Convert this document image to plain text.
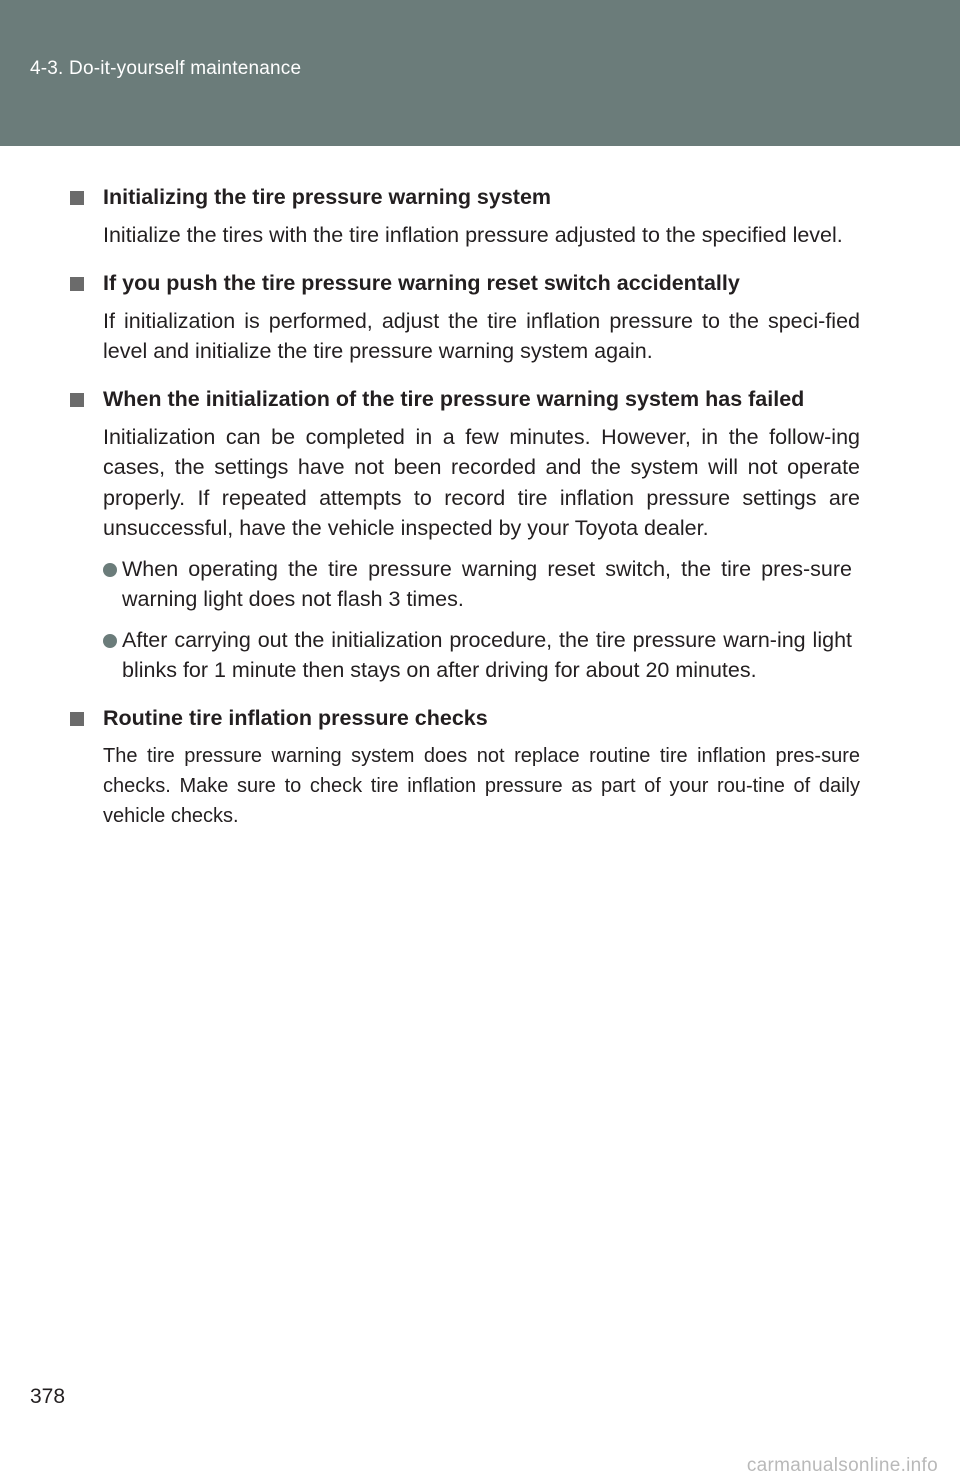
4-3. Do-it-yourself maintenance
Initializing the tire pressure warning system
Initialize the tires with the tire inflation pressure adjusted to the specified level.
If you push the tire pressure warning reset switch accidentally
If initialization is performed, adjust the tire inflation pressure to the speci-fied level and initialize the tire pressure warning system again.
When the initialization of the tire pressure warning system has failed
Initialization can be completed in a few minutes. However, in the follow-ing cases, the settings have not been recorded and the system will not operate properly. If repeated attempts to record tire inflation pressure settings are unsuccessful, have the vehicle inspected by your Toyota dealer.
When operating the tire pressure warning reset switch, the tire pres-sure warning light does not flash 3 times.
After carrying out the initialization procedure, the tire pressure warn-ing light blinks for 1 minute then stays on after driving for about 20 minutes.
Routine tire inflation pressure checks
The tire pressure warning system does not replace routine tire inflation pres-sure checks. Make sure to check tire inflation pressure as part of your rou-tine of daily vehicle checks.
378
carmanualsonline.info
